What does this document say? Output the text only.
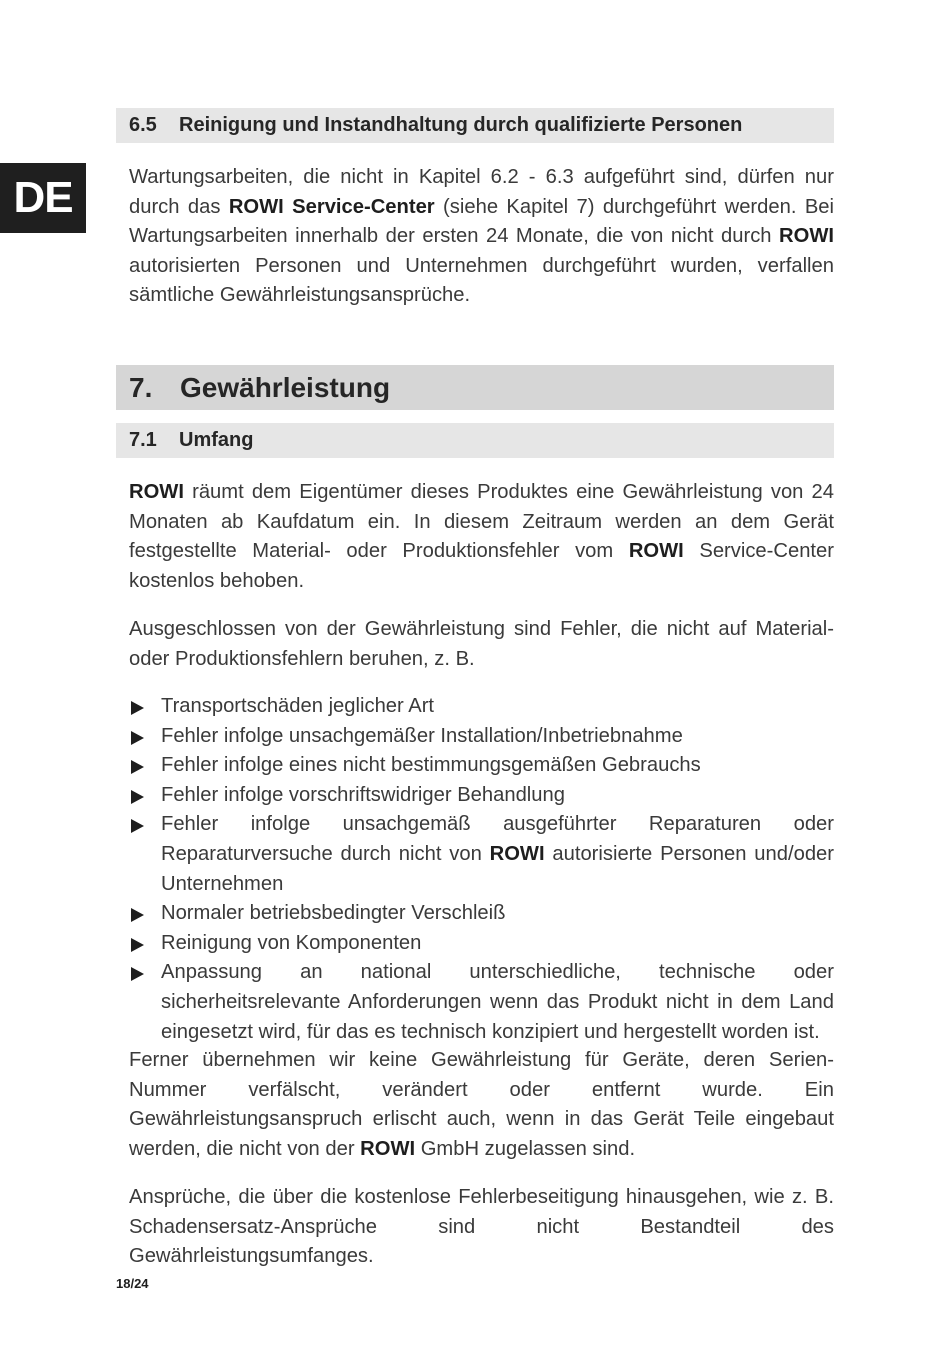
DE
6.5	Reinigung und Instandhaltung durch qualifizierte Personen

Wartungsarbeiten, die nicht in Kapitel 6.2 - 6.3 aufgeführt sind, dürfen nur durch das ROWI Service-Center (siehe Kapitel 7) durchgeführt werden. Bei Wartungsarbeiten innerhalb der ersten 24 Monate, die von nicht durch ROWI autorisierten Personen und Unternehmen durchgeführt wurden, verfallen sämtliche Gewährleistungsansprüche.

7. Gewährleistung
7.1	Umfang

ROWI räumt dem Eigentümer dieses Produktes eine Gewährleistung von 24 Monaten ab Kaufdatum ein. In diesem Zeitraum werden an dem Gerät festgestellte Material- oder Produktionsfehler vom ROWI Service-Center kostenlos behoben.

Ausgeschlossen von der Gewährleistung sind Fehler, die nicht auf Material- oder Produktionsfehlern beruhen, z. B.

Transportschäden jeglicher Art
Fehler infolge unsachgemäßer Installation/Inbetriebnahme
Fehler infolge eines nicht bestimmungsgemäßen Gebrauchs
Fehler infolge vorschriftswidriger Behandlung
Fehler infolge unsachgemäß ausgeführter Reparaturen oder Reparaturversuche durch nicht von ROWI autorisierte Personen und/oder Unternehmen
Normaler betriebsbedingter Verschleiß
Reinigung von Komponenten
Anpassung an national unterschiedliche, technische oder sicherheitsrelevante Anforderungen wenn das Produkt nicht in dem Land eingesetzt wird, für das es technisch konzipiert und hergestellt worden ist.

Ferner übernehmen wir keine Gewährleistung für Geräte, deren Serien-Nummer verfälscht, verändert oder entfernt wurde. Ein Gewährleistungsanspruch erlischt auch, wenn in das Gerät Teile eingebaut werden, die nicht von der ROWI GmbH zugelassen sind.

Ansprüche, die über die kostenlose Fehlerbeseitigung hinausgehen, wie z. B. Schadensersatz-Ansprüche sind nicht Bestandteil des Gewährleistungsumfanges.

18/24
